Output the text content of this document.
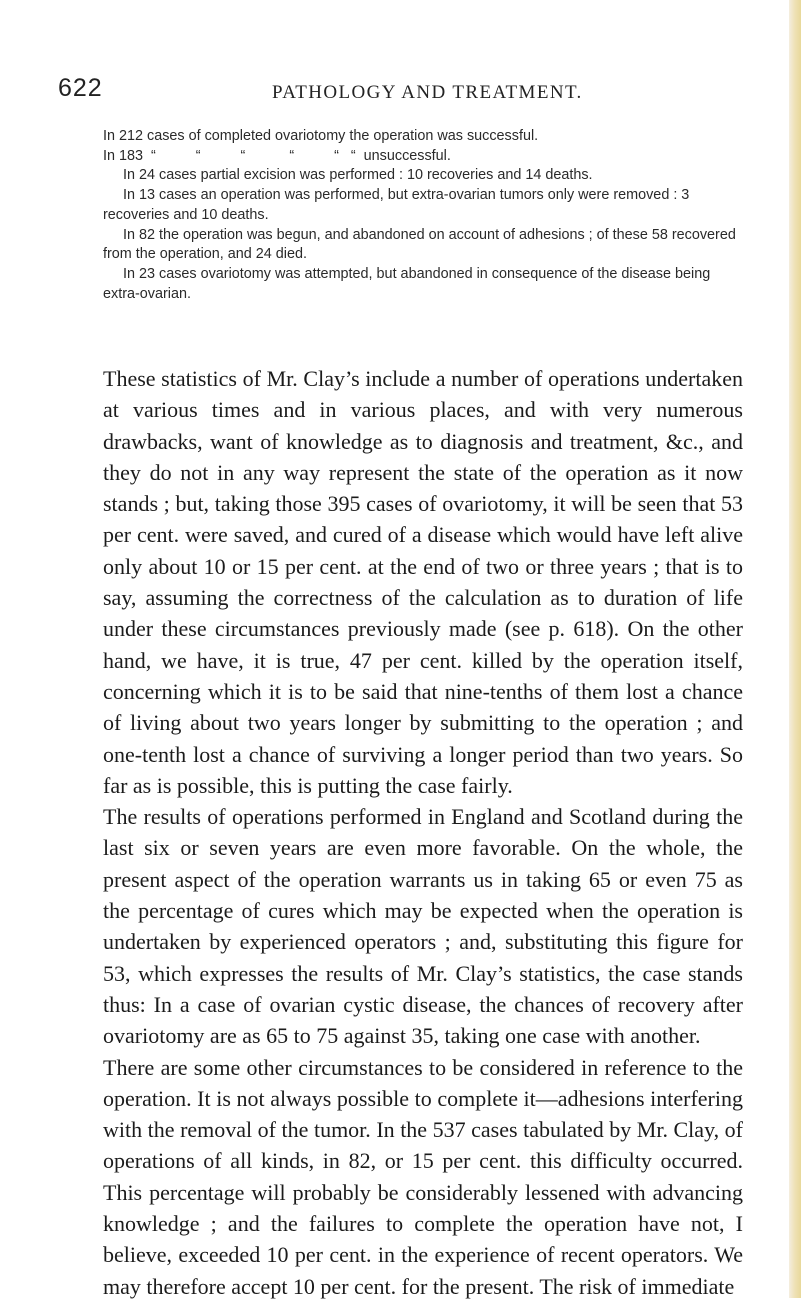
622	PATHOLOGY AND TREATMENT.

In 212 cases of completed ovariotomy the operation was successful.

In 183  “          “          “           “          “   “  unsuccessful.

In 24 cases partial excision was performed : 10 recoveries and 14 deaths.

In 13 cases an operation was performed, but extra-ovarian tumors only were removed : 3 recoveries and 10 deaths.

In 82 the operation was begun, and abandoned on account of adhesions ; of these 58 recovered from the operation, and 24 died.

In 23 cases ovariotomy was attempted, but abandoned in consequence of the disease being extra-ovarian.

These statistics of Mr. Clay’s include a number of operations undertaken at various times and in various places, and with very numerous drawbacks, want of knowledge as to diagnosis and treatment, &c., and they do not in any way represent the state of the operation as it now stands ; but, taking those 395 cases of ovariotomy, it will be seen that 53 per cent. were saved, and cured of a disease which would have left alive only about 10 or 15 per cent. at the end of two or three years ; that is to say, assuming the correctness of the calculation as to duration of life under these circumstances previously made (see p. 618). On the other hand, we have, it is true, 47 per cent. killed by the operation itself, concerning which it is to be said that nine-tenths of them lost a chance of living about two years longer by submitting to the operation ; and one-tenth lost a chance of surviving a longer period than two years. So far as is possible, this is putting the case fairly.

The results of operations performed in England and Scotland during the last six or seven years are even more favorable. On the whole, the present aspect of the operation warrants us in taking 65 or even 75 as the percentage of cures which may be expected when the operation is undertaken by experienced operators ; and, substituting this figure for 53, which expresses the results of Mr. Clay’s statistics, the case stands thus: In a case of ovarian cystic disease, the chances of recovery after ovariotomy are as 65 to 75 against 35, taking one case with another.

There are some other circumstances to be considered in reference to the operation. It is not always possible to complete it—adhesions interfering with the removal of the tumor. In the 537 cases tabulated by Mr. Clay, of operations of all kinds, in 82, or 15 per cent. this difficulty occurred. This percentage will probably be considerably lessened with advancing knowledge ; and the failures to complete the operation have not, I believe, exceeded 10 per cent. in the experience of recent operators. We may therefore accept 10 per cent. for the present. The risk of immediate
